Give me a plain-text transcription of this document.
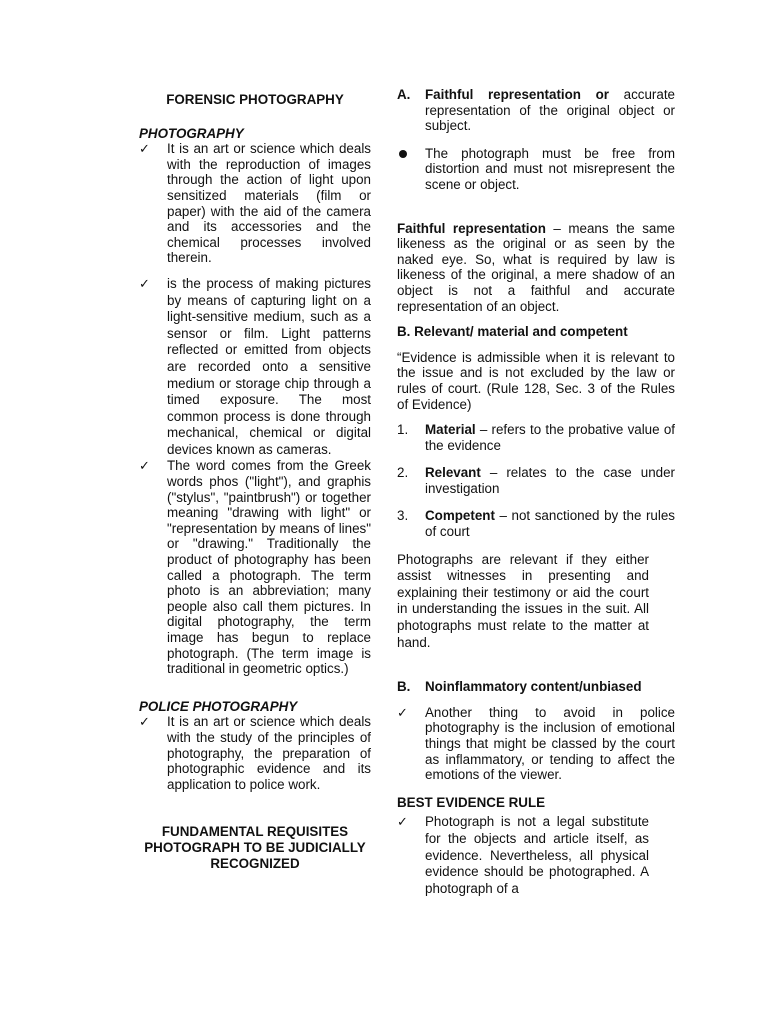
FORENSIC PHOTOGRAPHY

PHOTOGRAPHY

✓	It is an art or science which deals with the reproduction of images through the action of light upon sensitized materials (film or paper) with the aid of the camera and its accessories and the chemical processes involved therein.

✓	is the process of making pictures by means of capturing light on a light-sensitive medium, such as a sensor or film. Light patterns reflected or emitted from objects are recorded onto a sensitive medium or storage chip through a timed exposure. The most common process is done through mechanical, chemical or digital devices known as cameras.

✓	The word comes from the Greek words phos ("light"), and graphis ("stylus", "paintbrush") or together meaning "drawing with light" or "representation by means of lines" or "drawing." Traditionally the product of photography has been called a photograph. The term photo is an abbreviation; many people also call them pictures. In digital photography, the term image has begun to replace photograph. (The term image is traditional in geometric optics.)

POLICE PHOTOGRAPHY

✓	It is an art or science which deals with the study of the principles of photography, the preparation of photographic evidence and its application to police work.

FUNDAMENTAL REQUISITES PHOTOGRAPH TO BE JUDICIALLY RECOGNIZED

A.	Faithful representation or accurate representation of the original object or subject.

The photograph must be free from distortion and must not misrepresent the scene or object.

Faithful representation – means the same likeness as the original or as seen by the naked eye. So, what is required by law is likeness of the original, a mere shadow of an object is not a faithful and accurate representation of an object.

B. Relevant/ material and competent

“Evidence is admissible when it is relevant to the issue and is not excluded by the law or rules of court. (Rule 128, Sec. 3 of the Rules of Evidence)

1.	Material – refers to the probative value of the evidence

2.	Relevant – relates to the case under investigation

3.	Competent – not sanctioned by the rules of court

Photographs are relevant if they either assist witnesses in presenting and explaining their testimony or aid the court in understanding the issues in the suit. All photographs must relate to the matter at hand.

B.	Noinflammatory content/unbiased

✓	Another thing to avoid in police photography is the inclusion of emotional things that might be classed by the court as inflammatory, or tending to affect the emotions of the viewer.

BEST EVIDENCE RULE

✓	Photograph is not a legal substitute for the objects and article itself, as evidence. Nevertheless, all physical evidence should be photographed. A photograph of a
